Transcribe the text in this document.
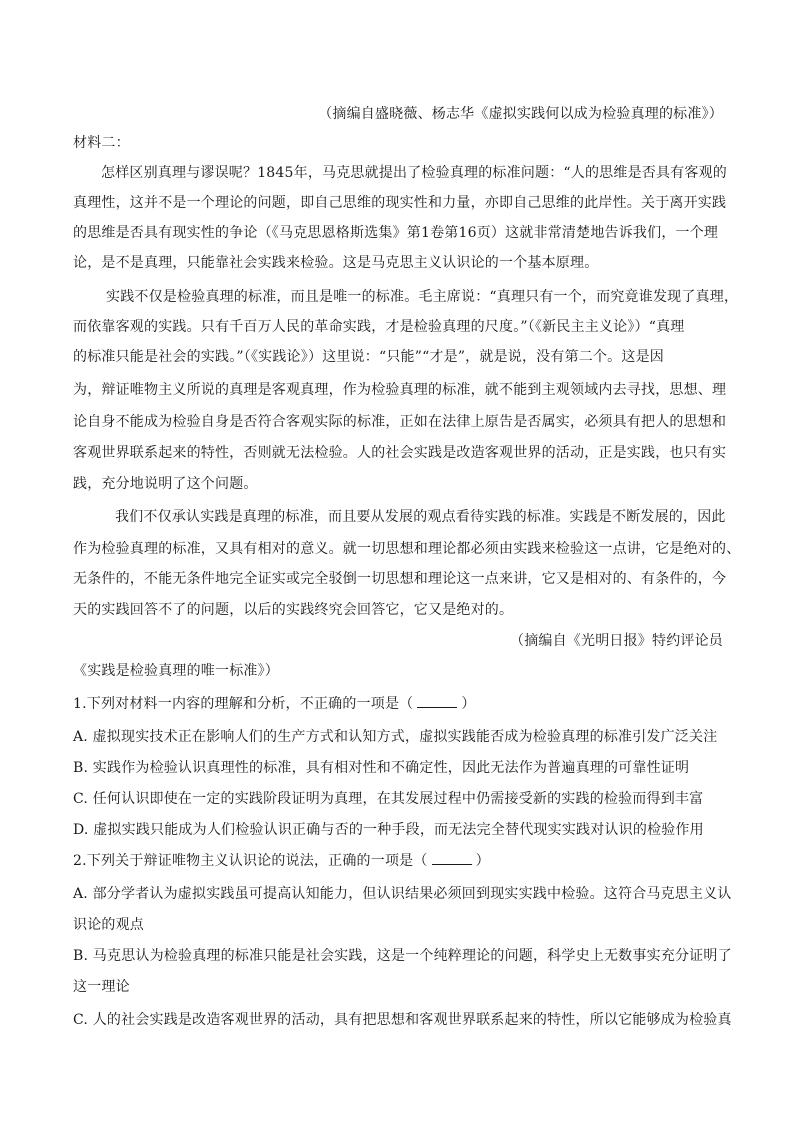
（摘编自盛晓薇、杨志华《虚拟实践何以成为检验真理的标准》）
材料二：
怎样区别真理与谬误呢？1845年，马克思就提出了检验真理的标准问题：“人的思维是否具有客观的
真理性，这并不是一个理论的问题，即自己思维的现实性和力量，亦即自己思维的此岸性。关于离开实践
的思维是否具有现实性的争论（《马克思恩格斯选集》第1卷第16页）这就非常清楚地告诉我们，一个理
论，是不是真理，只能靠社会实践来检验。这是马克思主义认识论的一个基本原理。
实践不仅是检验真理的标准，而且是唯一的标准。毛主席说：“真理只有一个，而究竟谁发现了真理，
而依靠客观的实践。只有千百万人民的革命实践，才是检验真理的尺度。”（《新民主主义论》）“真理
的标准只能是社会的实践。”（《实践论》）这里说：“只能”“才是”，就是说，没有第二个。这是因
为，辩证唯物主义所说的真理是客观真理，作为检验真理的标准，就不能到主观领域内去寻找，思想、理
论自身不能成为检验自身是否符合客观实际的标准，正如在法律上原告是否属实，必须具有把人的思想和
客观世界联系起来的特性，否则就无法检验。人的社会实践是改造客观世界的活动，正是实践，也只有实
践，充分地说明了这个问题。
我们不仅承认实践是真理的标准，而且要从发展的观点看待实践的标准。实践是不断发展的，因此
作为检验真理的标准，又具有相对的意义。就一切思想和理论都必须由实践来检验这一点讲，它是绝对的、
无条件的，不能无条件地完全证实或完全驳倒一切思想和理论这一点来讲，它又是相对的、有条件的，今
天的实践回答不了的问题，以后的实践终究会回答它，它又是绝对的。
（摘编自《光明日报》特约评论员
《实践是检验真理的唯一标准》）
1.下列对材料一内容的理解和分析，不正确的一项是（	）
A. 虚拟现实技术正在影响人们的生产方式和认知方式，虚拟实践能否成为检验真理的标准引发广泛关注
B. 实践作为检验认识真理性的标准，具有相对性和不确定性，因此无法作为普遍真理的可靠性证明
C. 任何认识即使在一定的实践阶段证明为真理，在其发展过程中仍需接受新的实践的检验而得到丰富
D. 虚拟实践只能成为人们检验认识正确与否的一种手段，而无法完全替代现实实践对认识的检验作用
2.下列关于辩证唯物主义认识论的说法，正确的一项是（	）
A. 部分学者认为虚拟实践虽可提高认知能力，但认识结果必须回到现实实践中检验。这符合马克思主义认
识论的观点
B. 马克思认为检验真理的标准只能是社会实践，这是一个纯粹理论的问题，科学史上无数事实充分证明了
这一理论
C. 人的社会实践是改造客观世界的活动，具有把思想和客观世界联系起来的特性，所以它能够成为检验真
